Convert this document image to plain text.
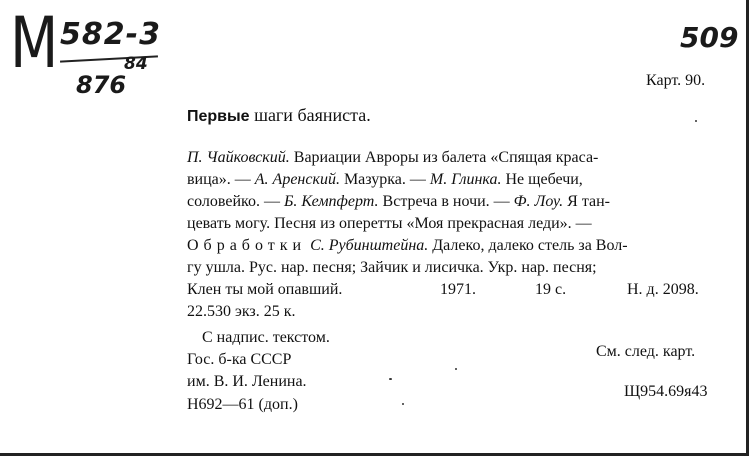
M 582-3
876
84
509
Карт. 90.
Первые шаги баяниста.
П. Чайковский. Вариации Авроры из балета «Спящая краса-
вица». — А. Аренский. Мазурка. — М. Глинка. Не щебечи,
соловейко. — Б. Кемпферт. Встреча в ночи. — Ф. Лоу. Я тан-
цевать могу. Песня из оперетты «Моя прекрасная леди». —
Обработки С. Рубинштейна. Далеко, далеко стель за Вол-
гу ушла. Рус. нар. песня; Зайчик и лисичка. Укр. нар. песня;
Клен ты мой опавший.	1971.	19 с.	Н. д. 2098.
22.530 экз. 25 к.
С надпис. текстом.
Гос. б-ка СССР
им. В. И. Ленина.
Н692—61 (доп.)
См. след. карт.
Щ954.69я43
